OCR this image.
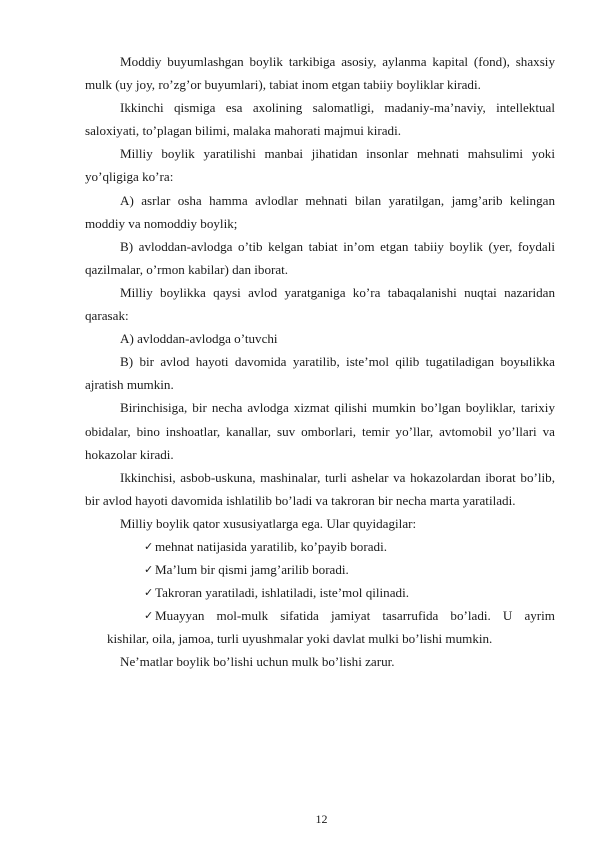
Moddiy buyumlashgan boylik tarkibiga asosiy, aylanma kapital (fond), shaxsiy mulk (uy joy, ro’zg’or buyumlari), tabiat inom etgan tabiiy boyliklar kiradi.

Ikkinchi qismiga esa axolining salomatligi, madaniy-ma’naviy, intellektual saloxiyati, to’plagan bilimi, malaka mahorati majmui kiradi.

Milliy boylik yaratilishi manbai jihatidan insonlar mehnati mahsulimi yoki yo’qligiga ko’ra:

A) asrlar osha hamma avlodlar mehnati bilan yaratilgan, jamg’arib kelingan moddiy va nomoddiy boylik;

B) avloddan-avlodga o’tib kelgan tabiat in’om etgan tabiiy boylik (yer, foydali qazilmalar, o’rmon kabilar) dan iborat.

Milliy boylikka qaysi avlod yaratganiga ko’ra tabaqalanishi nuqtai nazaridan qarasak:

A) avloddan-avlodga o’tuvchi

B) bir avlod hayoti davomida yaratilib, iste’mol qilib tugatiladigan boyыlikka ajratish mumkin.

Birinchisiga, bir necha avlodga xizmat qilishi mumkin bo’lgan boyliklar, tarixiy obidalar, bino inshoatlar, kanallar, suv omborlari, temir yo’llar, avtomobil yo’llari va hokazolar kiradi.

Ikkinchisi, asbob-uskuna, mashinalar, turli ashelar va hokazolardan iborat bo’lib, bir avlod hayoti davomida ishlatilib bo’ladi va takroran bir necha marta yaratiladi.

Milliy boylik qator xususiyatlarga ega. Ular quyidagilar:

✓ mehnat natijasida yaratilib, ko’payib boradi.
✓ Ma’lum bir qismi jamg’arilib boradi.
✓ Takroran yaratiladi, ishlatiladi, iste’mol qilinadi.
✓ Muayyan mol-mulk sifatida jamiyat tasarrufida bo’ladi. U ayrim
kishilar, oila, jamoa, turli uyushmalar yoki davlat mulki bo’lishi mumkin.

Ne’matlar boylik bo’lishi uchun mulk bo’lishi zarur.

12
